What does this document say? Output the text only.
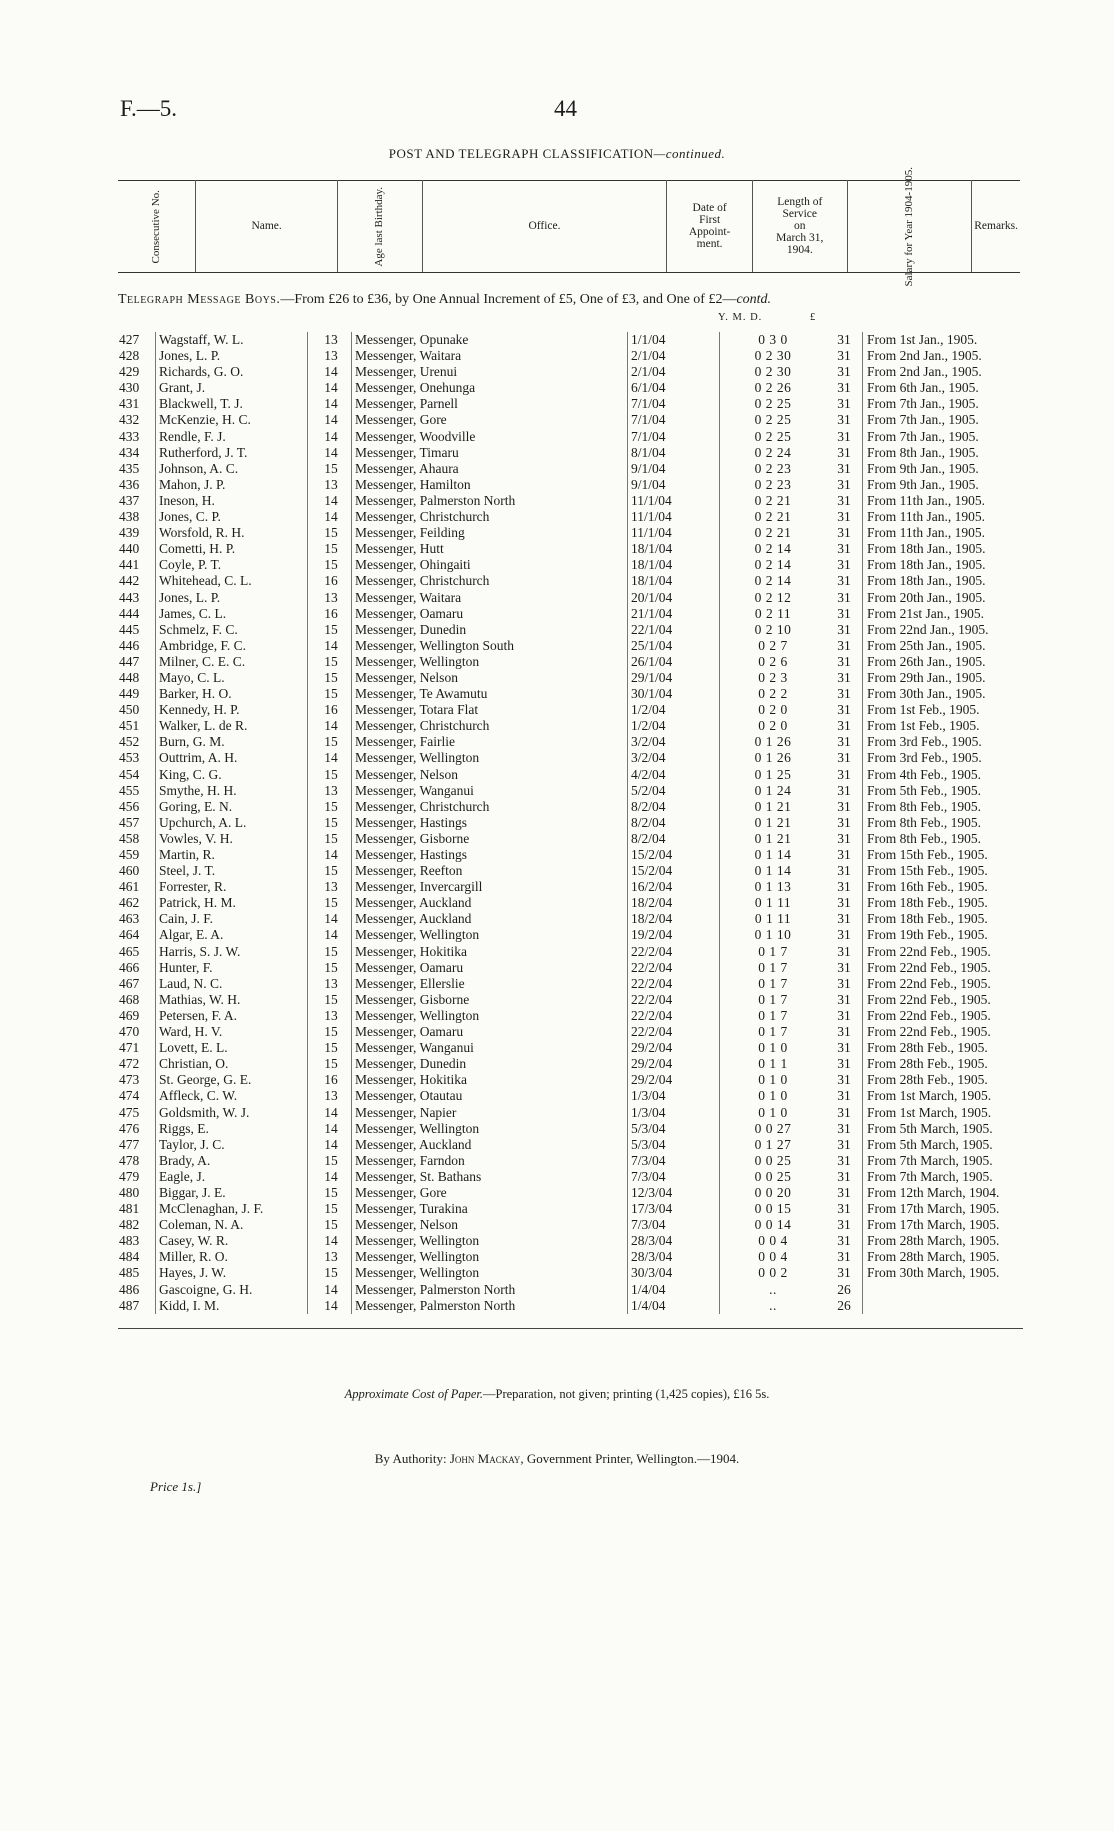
F.—5.	44
POST AND TELEGRAPH CLASSIFICATION—continued.
Consecutive No.	Name.	Age last Birthday.	Office.	Date of
First
Appoint-
ment.	Length of
Service
on
March 31,
1904.	Salary for Year 1904-1905.	Remarks.
Telegraph Message Boys.—From £26 to £36, by One Annual Increment of £5, One of £3, and One of £2—contd.
Y. M. D.	£
427	Wagstaff, W. L.	13	Messenger, Opunake	1/1/04	0 3 0	31	From 1st Jan., 1905.
428	Jones, L. P.	13	Messenger, Waitara	2/1/04	0 2 30	31	From 2nd Jan., 1905.
429	Richards, G. O.	14	Messenger, Urenui	2/1/04	0 2 30	31	From 2nd Jan., 1905.
430	Grant, J.	14	Messenger, Onehunga	6/1/04	0 2 26	31	From 6th Jan., 1905.
431	Blackwell, T. J.	14	Messenger, Parnell	7/1/04	0 2 25	31	From 7th Jan., 1905.
432	McKenzie, H. C.	14	Messenger, Gore	7/1/04	0 2 25	31	From 7th Jan., 1905.
433	Rendle, F. J.	14	Messenger, Woodville	7/1/04	0 2 25	31	From 7th Jan., 1905.
434	Rutherford, J. T.	14	Messenger, Timaru	8/1/04	0 2 24	31	From 8th Jan., 1905.
435	Johnson, A. C.	15	Messenger, Ahaura	9/1/04	0 2 23	31	From 9th Jan., 1905.
436	Mahon, J. P.	13	Messenger, Hamilton	9/1/04	0 2 23	31	From 9th Jan., 1905.
437	Ineson, H.	14	Messenger, Palmerston North	11/1/04	0 2 21	31	From 11th Jan., 1905.
438	Jones, C. P.	14	Messenger, Christchurch	11/1/04	0 2 21	31	From 11th Jan., 1905.
439	Worsfold, R. H.	15	Messenger, Feilding	11/1/04	0 2 21	31	From 11th Jan., 1905.
440	Cometti, H. P.	15	Messenger, Hutt	18/1/04	0 2 14	31	From 18th Jan., 1905.
441	Coyle, P. T.	15	Messenger, Ohingaiti	18/1/04	0 2 14	31	From 18th Jan., 1905.
442	Whitehead, C. L.	16	Messenger, Christchurch	18/1/04	0 2 14	31	From 18th Jan., 1905.
443	Jones, L. P.	13	Messenger, Waitara	20/1/04	0 2 12	31	From 20th Jan., 1905.
444	James, C. L.	16	Messenger, Oamaru	21/1/04	0 2 11	31	From 21st Jan., 1905.
445	Schmelz, F. C.	15	Messenger, Dunedin	22/1/04	0 2 10	31	From 22nd Jan., 1905.
446	Ambridge, F. C.	14	Messenger, Wellington South	25/1/04	0 2 7	31	From 25th Jan., 1905.
447	Milner, C. E. C.	15	Messenger, Wellington	26/1/04	0 2 6	31	From 26th Jan., 1905.
448	Mayo, C. L.	15	Messenger, Nelson	29/1/04	0 2 3	31	From 29th Jan., 1905.
449	Barker, H. O.	15	Messenger, Te Awamutu	30/1/04	0 2 2	31	From 30th Jan., 1905.
450	Kennedy, H. P.	16	Messenger, Totara Flat	1/2/04	0 2 0	31	From 1st Feb., 1905.
451	Walker, L. de R.	14	Messenger, Christchurch	1/2/04	0 2 0	31	From 1st Feb., 1905.
452	Burn, G. M.	15	Messenger, Fairlie	3/2/04	0 1 26	31	From 3rd Feb., 1905.
453	Outtrim, A. H.	14	Messenger, Wellington	3/2/04	0 1 26	31	From 3rd Feb., 1905.
454	King, C. G.	15	Messenger, Nelson	4/2/04	0 1 25	31	From 4th Feb., 1905.
455	Smythe, H. H.	13	Messenger, Wanganui	5/2/04	0 1 24	31	From 5th Feb., 1905.
456	Goring, E. N.	15	Messenger, Christchurch	8/2/04	0 1 21	31	From 8th Feb., 1905.
457	Upchurch, A. L.	15	Messenger, Hastings	8/2/04	0 1 21	31	From 8th Feb., 1905.
458	Vowles, V. H.	15	Messenger, Gisborne	8/2/04	0 1 21	31	From 8th Feb., 1905.
459	Martin, R.	14	Messenger, Hastings	15/2/04	0 1 14	31	From 15th Feb., 1905.
460	Steel, J. T.	15	Messenger, Reefton	15/2/04	0 1 14	31	From 15th Feb., 1905.
461	Forrester, R.	13	Messenger, Invercargill	16/2/04	0 1 13	31	From 16th Feb., 1905.
462	Patrick, H. M.	15	Messenger, Auckland	18/2/04	0 1 11	31	From 18th Feb., 1905.
463	Cain, J. F.	14	Messenger, Auckland	18/2/04	0 1 11	31	From 18th Feb., 1905.
464	Algar, E. A.	14	Messenger, Wellington	19/2/04	0 1 10	31	From 19th Feb., 1905.
465	Harris, S. J. W.	15	Messenger, Hokitika	22/2/04	0 1 7	31	From 22nd Feb., 1905.
466	Hunter, F.	15	Messenger, Oamaru	22/2/04	0 1 7	31	From 22nd Feb., 1905.
467	Laud, N. C.	13	Messenger, Ellerslie	22/2/04	0 1 7	31	From 22nd Feb., 1905.
468	Mathias, W. H.	15	Messenger, Gisborne	22/2/04	0 1 7	31	From 22nd Feb., 1905.
469	Petersen, F. A.	13	Messenger, Wellington	22/2/04	0 1 7	31	From 22nd Feb., 1905.
470	Ward, H. V.	15	Messenger, Oamaru	22/2/04	0 1 7	31	From 22nd Feb., 1905.
471	Lovett, E. L.	15	Messenger, Wanganui	29/2/04	0 1 0	31	From 28th Feb., 1905.
472	Christian, O.	15	Messenger, Dunedin	29/2/04	0 1 1	31	From 28th Feb., 1905.
473	St. George, G. E.	16	Messenger, Hokitika	29/2/04	0 1 0	31	From 28th Feb., 1905.
474	Affleck, C. W.	13	Messenger, Otautau	1/3/04	0 1 0	31	From 1st March, 1905.
475	Goldsmith, W. J.	14	Messenger, Napier	1/3/04	0 1 0	31	From 1st March, 1905.
476	Riggs, E.	14	Messenger, Wellington	5/3/04	0 0 27	31	From 5th March, 1905.
477	Taylor, J. C.	14	Messenger, Auckland	5/3/04	0 1 27	31	From 5th March, 1905.
478	Brady, A.	15	Messenger, Farndon	7/3/04	0 0 25	31	From 7th March, 1905.
479	Eagle, J.	14	Messenger, St. Bathans	7/3/04	0 0 25	31	From 7th March, 1905.
480	Biggar, J. E.	15	Messenger, Gore	12/3/04	0 0 20	31	From 12th March, 1904.
481	McClenaghan, J. F.	15	Messenger, Turakina	17/3/04	0 0 15	31	From 17th March, 1905.
482	Coleman, N. A.	15	Messenger, Nelson	7/3/04	0 0 14	31	From 17th March, 1905.
483	Casey, W. R.	14	Messenger, Wellington	28/3/04	0 0 4	31	From 28th March, 1905.
484	Miller, R. O.	13	Messenger, Wellington	28/3/04	0 0 4	31	From 28th March, 1905.
485	Hayes, J. W.	15	Messenger, Wellington	30/3/04	0 0 2	31	From 30th March, 1905.
486	Gascoigne, G. H.	14	Messenger, Palmerston North	1/4/04	..	26	
487	Kidd, I. M.	14	Messenger, Palmerston North	1/4/04	..	26	
Approximate Cost of Paper.—Preparation, not given; printing (1,425 copies), £16 5s.
By Authority: John Mackay, Government Printer, Wellington.—1904.
Price 1s.]
